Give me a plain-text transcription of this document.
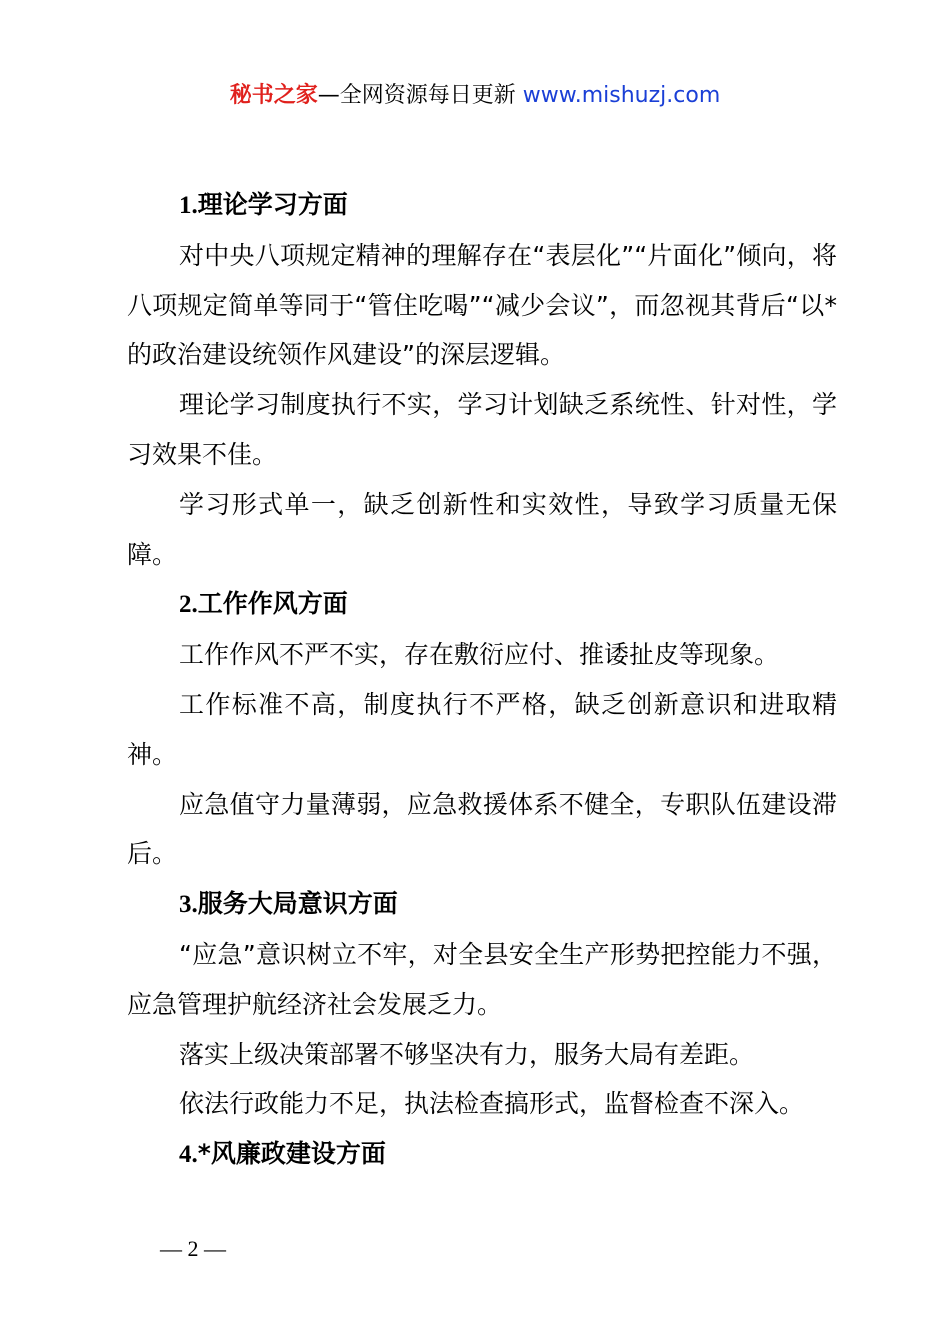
秘书之家—全网资源每日更新 www.mishuzj.com

1.理论学习方面

对中央八项规定精神的理解存在“表层化”“片面化”倾向，将八项规定简单等同于“管住吃喝”“减少会议”，而忽视其背后“以*的政治建设统领作风建设”的深层逻辑。

理论学习制度执行不实，学习计划缺乏系统性、针对性，学习效果不佳。

学习形式单一，缺乏创新性和实效性，导致学习质量无保障。

2.工作作风方面

工作作风不严不实，存在敷衍应付、推诿扯皮等现象。

工作标准不高，制度执行不严格，缺乏创新意识和进取精神。

应急值守力量薄弱，应急救援体系不健全，专职队伍建设滞后。

3.服务大局意识方面

“应急”意识树立不牢，对全县安全生产形势把控能力不强，应急管理护航经济社会发展乏力。

落实上级决策部署不够坚决有力，服务大局有差距。

依法行政能力不足，执法检查搞形式，监督检查不深入。

4.*风廉政建设方面

— 2 —
